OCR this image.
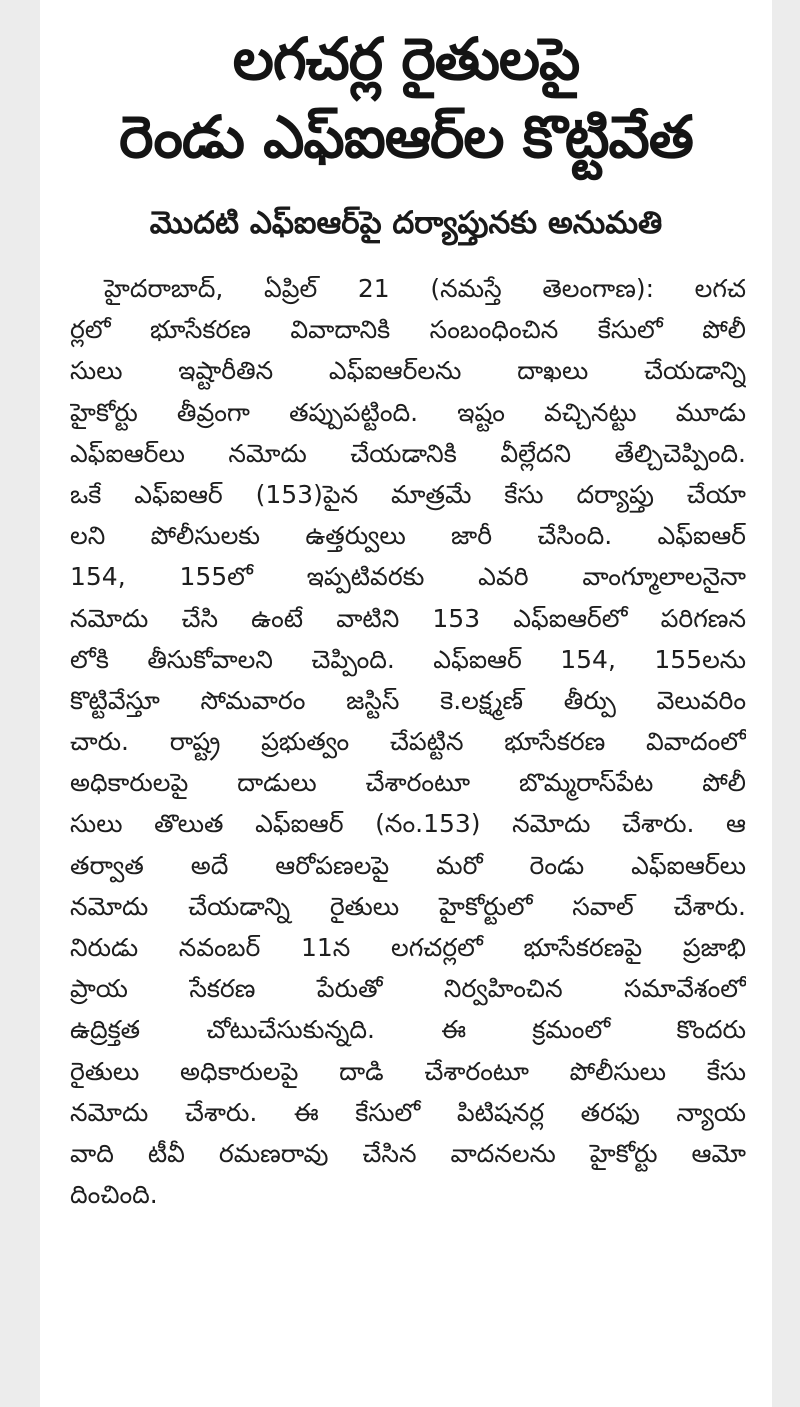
లగచర్ల రైతులపై
రెండు ఎఫ్‌ఐఆర్‌ల కొట్టివేత
మొదటి ఎఫ్‌ఐఆర్‌పై దర్యాప్తునకు అనుమతి
హైదరాబాద్, ఏప్రిల్ 21 (నమస్తే తెలంగాణ): లగచ
ర్లలో భూసేకరణ వివాదానికి సంబంధించిన కేసులో పోలీ
సులు ఇష్టారీతిన ఎఫ్‌ఐఆర్‌లను దాఖలు చేయడాన్ని
హైకోర్టు తీవ్రంగా తప్పుపట్టింది. ఇష్టం వచ్చినట్టు మూడు
ఎఫ్‌ఐఆర్‌లు నమోదు చేయడానికి వీల్లేదని తేల్చిచెప్పింది.
ఒకే ఎఫ్‌ఐఆర్ (153)పైన మాత్రమే కేసు దర్యాప్తు చేయా
లని పోలీసులకు ఉత్తర్వులు జారీ చేసింది. ఎఫ్‌ఐఆర్
154, 155లో ఇప్పటివరకు ఎవరి వాంగ్మూలాలనైనా
నమోదు చేసి ఉంటే వాటిని 153 ఎఫ్‌ఐఆర్‌లో పరిగణన
లోకి తీసుకోవాలని చెప్పింది. ఎఫ్‌ఐఆర్ 154, 155లను
కొట్టివేస్తూ సోమవారం జస్టిస్ కె.లక్ష్మణ్ తీర్పు వెలువరిం
చారు. రాష్ట్ర ప్రభుత్వం చేపట్టిన భూసేకరణ వివాదంలో
అధికారులపై దాడులు చేశారంటూ బొమ్మరాస్‌పేట పోలీ
సులు తొలుత ఎఫ్‌ఐఆర్ (నం.153) నమోదు చేశారు. ఆ
తర్వాత అదే ఆరోపణలపై మరో రెండు ఎఫ్‌ఐఆర్‌లు
నమోదు చేయడాన్ని రైతులు హైకోర్టులో సవాల్ చేశారు.
నిరుడు నవంబర్ 11న లగచర్లలో భూసేకరణపై ప్రజాభి
ప్రాయ సేకరణ పేరుతో నిర్వహించిన సమావేశంలో
ఉద్రిక్తత చోటుచేసుకున్నది. ఈ క్రమంలో కొందరు
రైతులు అధికారులపై దాడి చేశారంటూ పోలీసులు కేసు
నమోదు చేశారు. ఈ కేసులో పిటిషనర్ల తరఫు న్యాయ
వాది టీవీ రమణరావు చేసిన వాదనలను హైకోర్టు ఆమో
దించింది.
